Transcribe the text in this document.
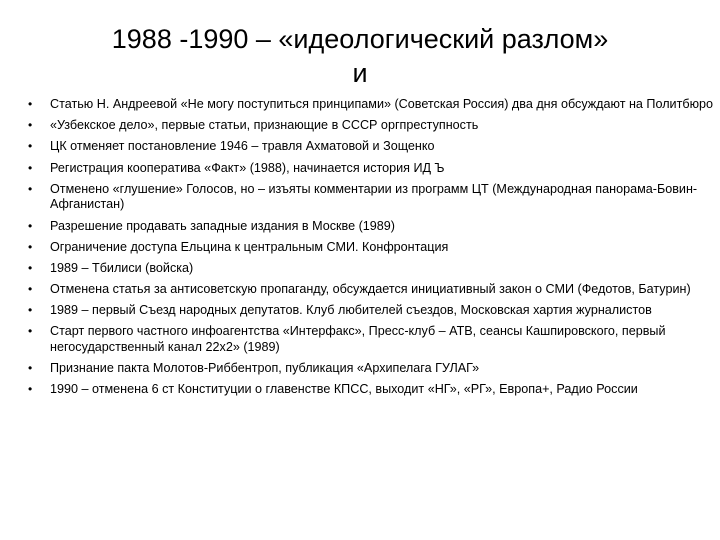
1988 -1990 – «идеологический разлом»
и
• Статью Н. Андреевой «Не могу поступиться принципами» (Советская Россия) два дня обсуждают на Политбюро
• «Узбекское дело», первые статьи, признающие в СССР оргпреступность
• ЦК отменяет постановление 1946 – травля Ахматовой и Зощенко
• Регистрация кооператива «Факт» (1988), начинается история ИД Ъ
• Отменено «глушение» Голосов, но – изъяты комментарии из программ ЦТ (Международная панорама-Бовин-Афганистан)
• Разрешение продавать западные издания в Москве (1989)
• Ограничение доступа Ельцина к центральным СМИ. Конфронтация
• 1989 – Тбилиси (войска)
• Отменена статья за антисоветскую пропаганду, обсуждается инициативный закон о СМИ (Федотов, Батурин)
• 1989 – первый Съезд народных депутатов. Клуб любителей съездов, Московская хартия журналистов
• Старт первого частного инфоагентства «Интерфакс», Пресс-клуб – АТВ, сеансы Кашпировского, первый негосударственный канал 22х2» (1989)
• Признание пакта Молотов-Риббентроп, публикация «Архипелага ГУЛАГ»
• 1990 – отменена 6 ст Конституции о главенстве КПСС, выходит «НГ», «РГ», Европа+, Радио России
